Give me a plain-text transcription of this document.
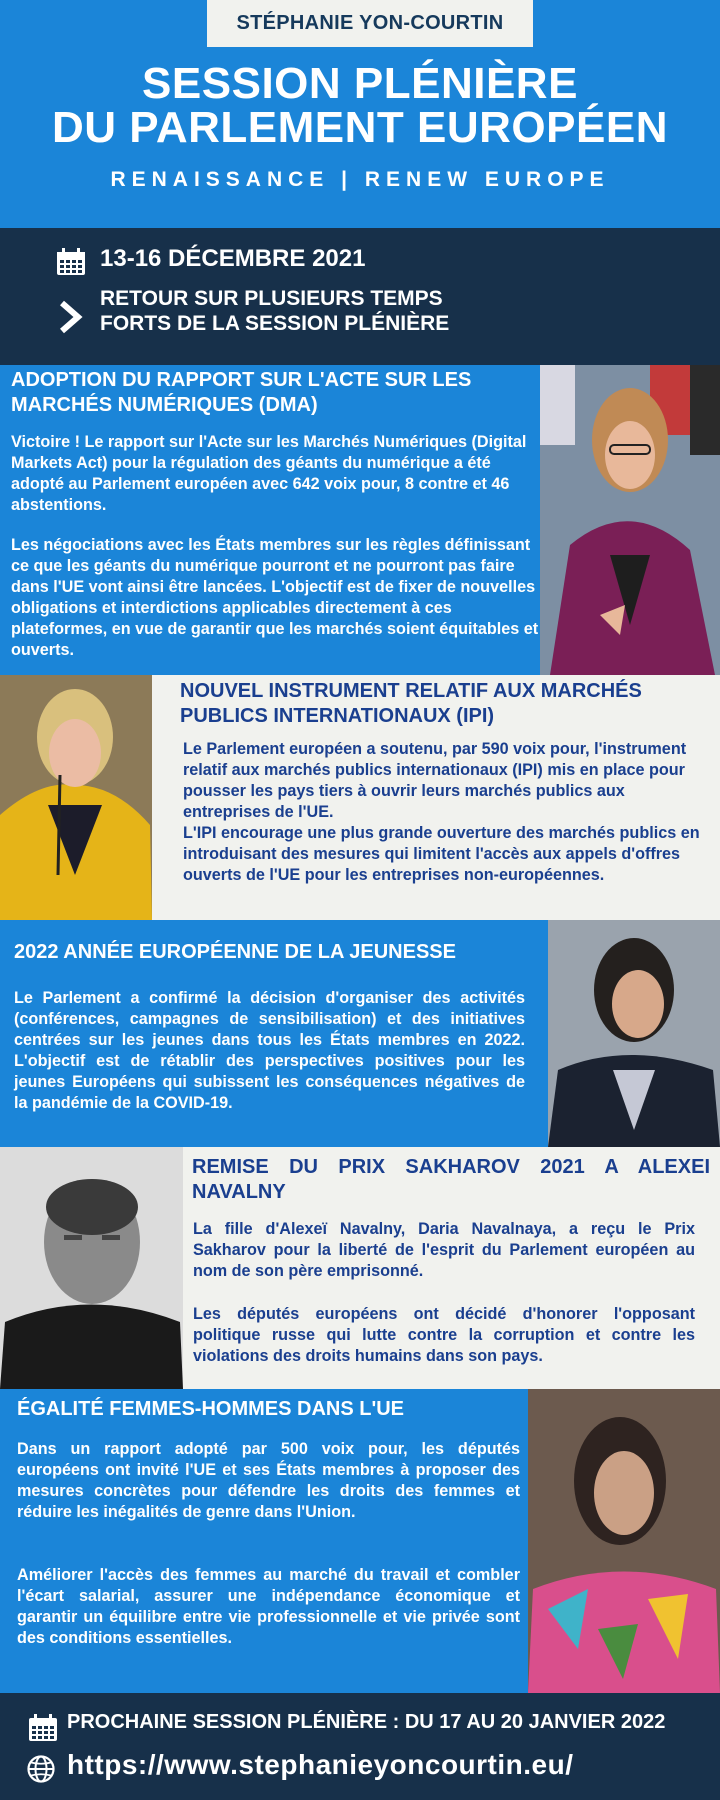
STÉPHANIE YON-COURTIN
SESSION PLÉNIÈRE
DU PARLEMENT EUROPÉEN
RENAISSANCE | RENEW EUROPE
13-16 DÉCEMBRE 2021
RETOUR SUR PLUSIEURS TEMPS
FORTS DE LA SESSION PLÉNIÈRE
ADOPTION DU RAPPORT SUR L'ACTE SUR LES MARCHÉS NUMÉRIQUES (DMA)

Victoire ! Le rapport sur l'Acte sur les Marchés Numériques (Digital Markets Act) pour la régulation des géants du numérique a été adopté au Parlement européen avec 642 voix pour, 8 contre et 46 abstentions.

Les négociations avec les États membres sur les règles définissant ce que les géants du numérique pourront et ne pourront pas faire dans l'UE vont ainsi être lancées. L'objectif est de fixer de nouvelles obligations et interdictions applicables directement à ces plateformes, en vue de garantir que les marchés soient équitables et ouverts.

NOUVEL INSTRUMENT RELATIF AUX MARCHÉS PUBLICS INTERNATIONAUX (IPI)

Le Parlement européen a soutenu, par 590 voix pour, l'instrument relatif aux marchés publics internationaux (IPI) mis en place pour pousser les pays tiers à ouvrir leurs marchés publics aux entreprises de l'UE.

L'IPI encourage une plus grande ouverture des marchés publics en introduisant des mesures qui limitent l'accès aux appels d'offres ouverts de l'UE pour les entreprises non-européennes.

2022 ANNÉE EUROPÉENNE DE LA JEUNESSE

Le Parlement a confirmé la décision d'organiser des activités (conférences, campagnes de sensibilisation) et des initiatives centrées sur les jeunes dans tous les États membres en 2022. L'objectif est de rétablir des perspectives positives pour les jeunes Européens qui subissent les conséquences négatives de la pandémie de la COVID-19.

REMISE DU PRIX SAKHAROV 2021 A ALEXEI NAVALNY

La fille d'Alexeï Navalny, Daria Navalnaya, a reçu le Prix Sakharov pour la liberté de l'esprit du Parlement européen au nom de son père emprisonné.

Les députés européens ont décidé d'honorer l'opposant politique russe qui lutte contre la corruption et contre les violations des droits humains dans son pays.

ÉGALITÉ FEMMES-HOMMES DANS L'UE

Dans un rapport adopté par 500 voix pour, les députés européens ont invité l'UE et ses États membres à proposer des mesures concrètes pour défendre les droits des femmes et réduire les inégalités de genre dans l'Union.

Améliorer l'accès des femmes au marché du travail et combler l'écart salarial, assurer une indépendance économique et garantir un équilibre entre vie professionnelle et vie privée sont des conditions essentielles.

PROCHAINE SESSION PLÉNIÈRE : DU 17 AU 20 JANVIER 2022
https://www.stephanieyoncourtin.eu/
